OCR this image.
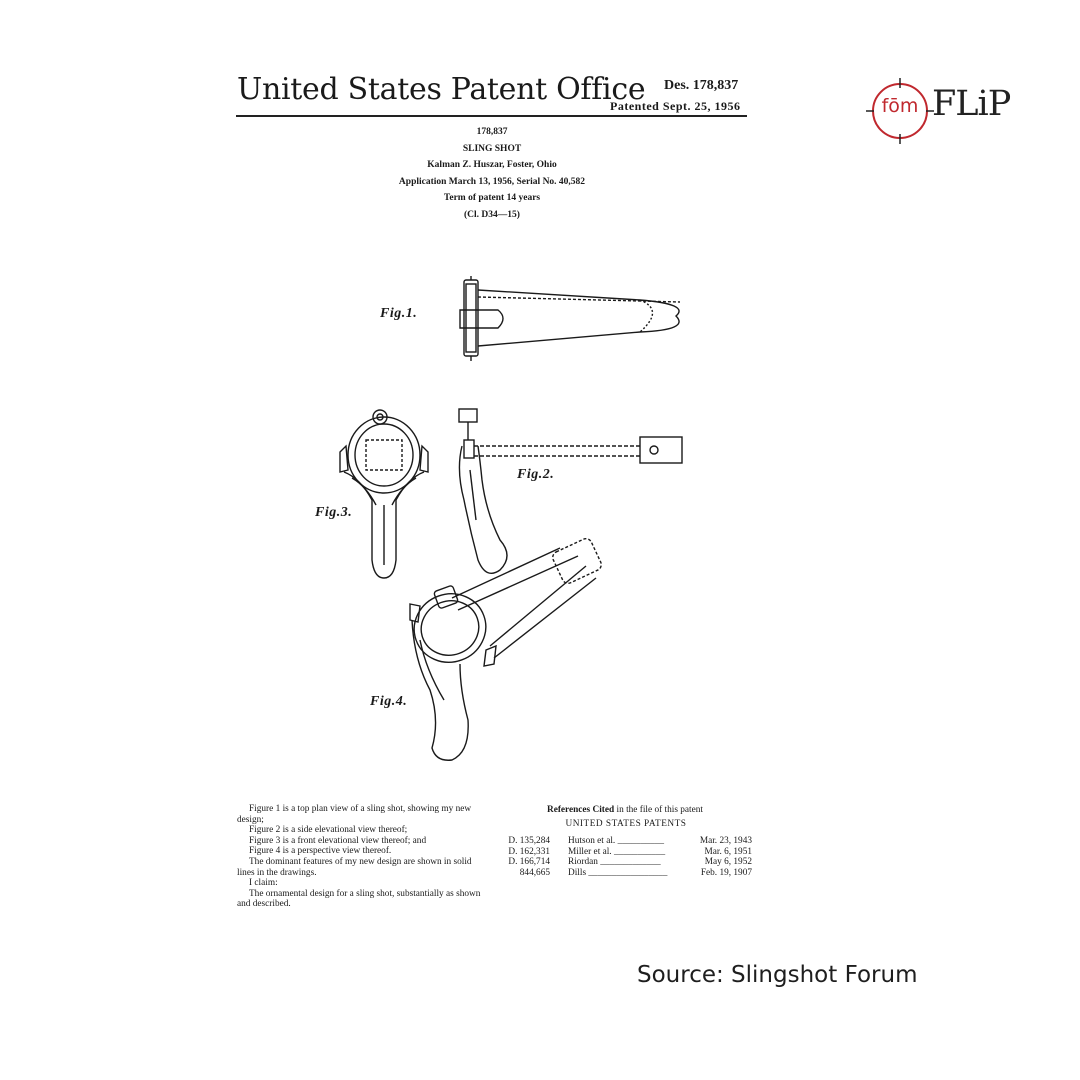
United States Patent Office Des. 178,837
Patented Sept. 25, 1956
178,837
SLING SHOT
Kalman Z. Huszar, Foster, Ohio
Application March 13, 1956, Serial No. 40,582
Term of patent 14 years
(Cl. D34—15)
Fig.1.
Fig.2.
Fig.3.
Fig.4.

Figure 1 is a top plan view of a sling shot, showing my new design;

Figure 2 is a side elevational view thereof;

Figure 3 is a front elevational view thereof; and

Figure 4 is a perspective view thereof.

The dominant features of my new design are shown in solid lines in the drawings.

I claim:

The ornamental design for a sling shot, substantially as shown and described.

References Cited in the file of this patent
UNITED STATES PATENTS
D. 135,284	Hutson et al. __________	Mar. 23, 1943
D. 162,331	Miller et al. ___________	Mar. 6, 1951
D. 166,714	Riordan _____________	May 6, 1952
844,665	Dills _________________	Feb. 19, 1907
fōm FLiP
Source: Slingshot Forum
